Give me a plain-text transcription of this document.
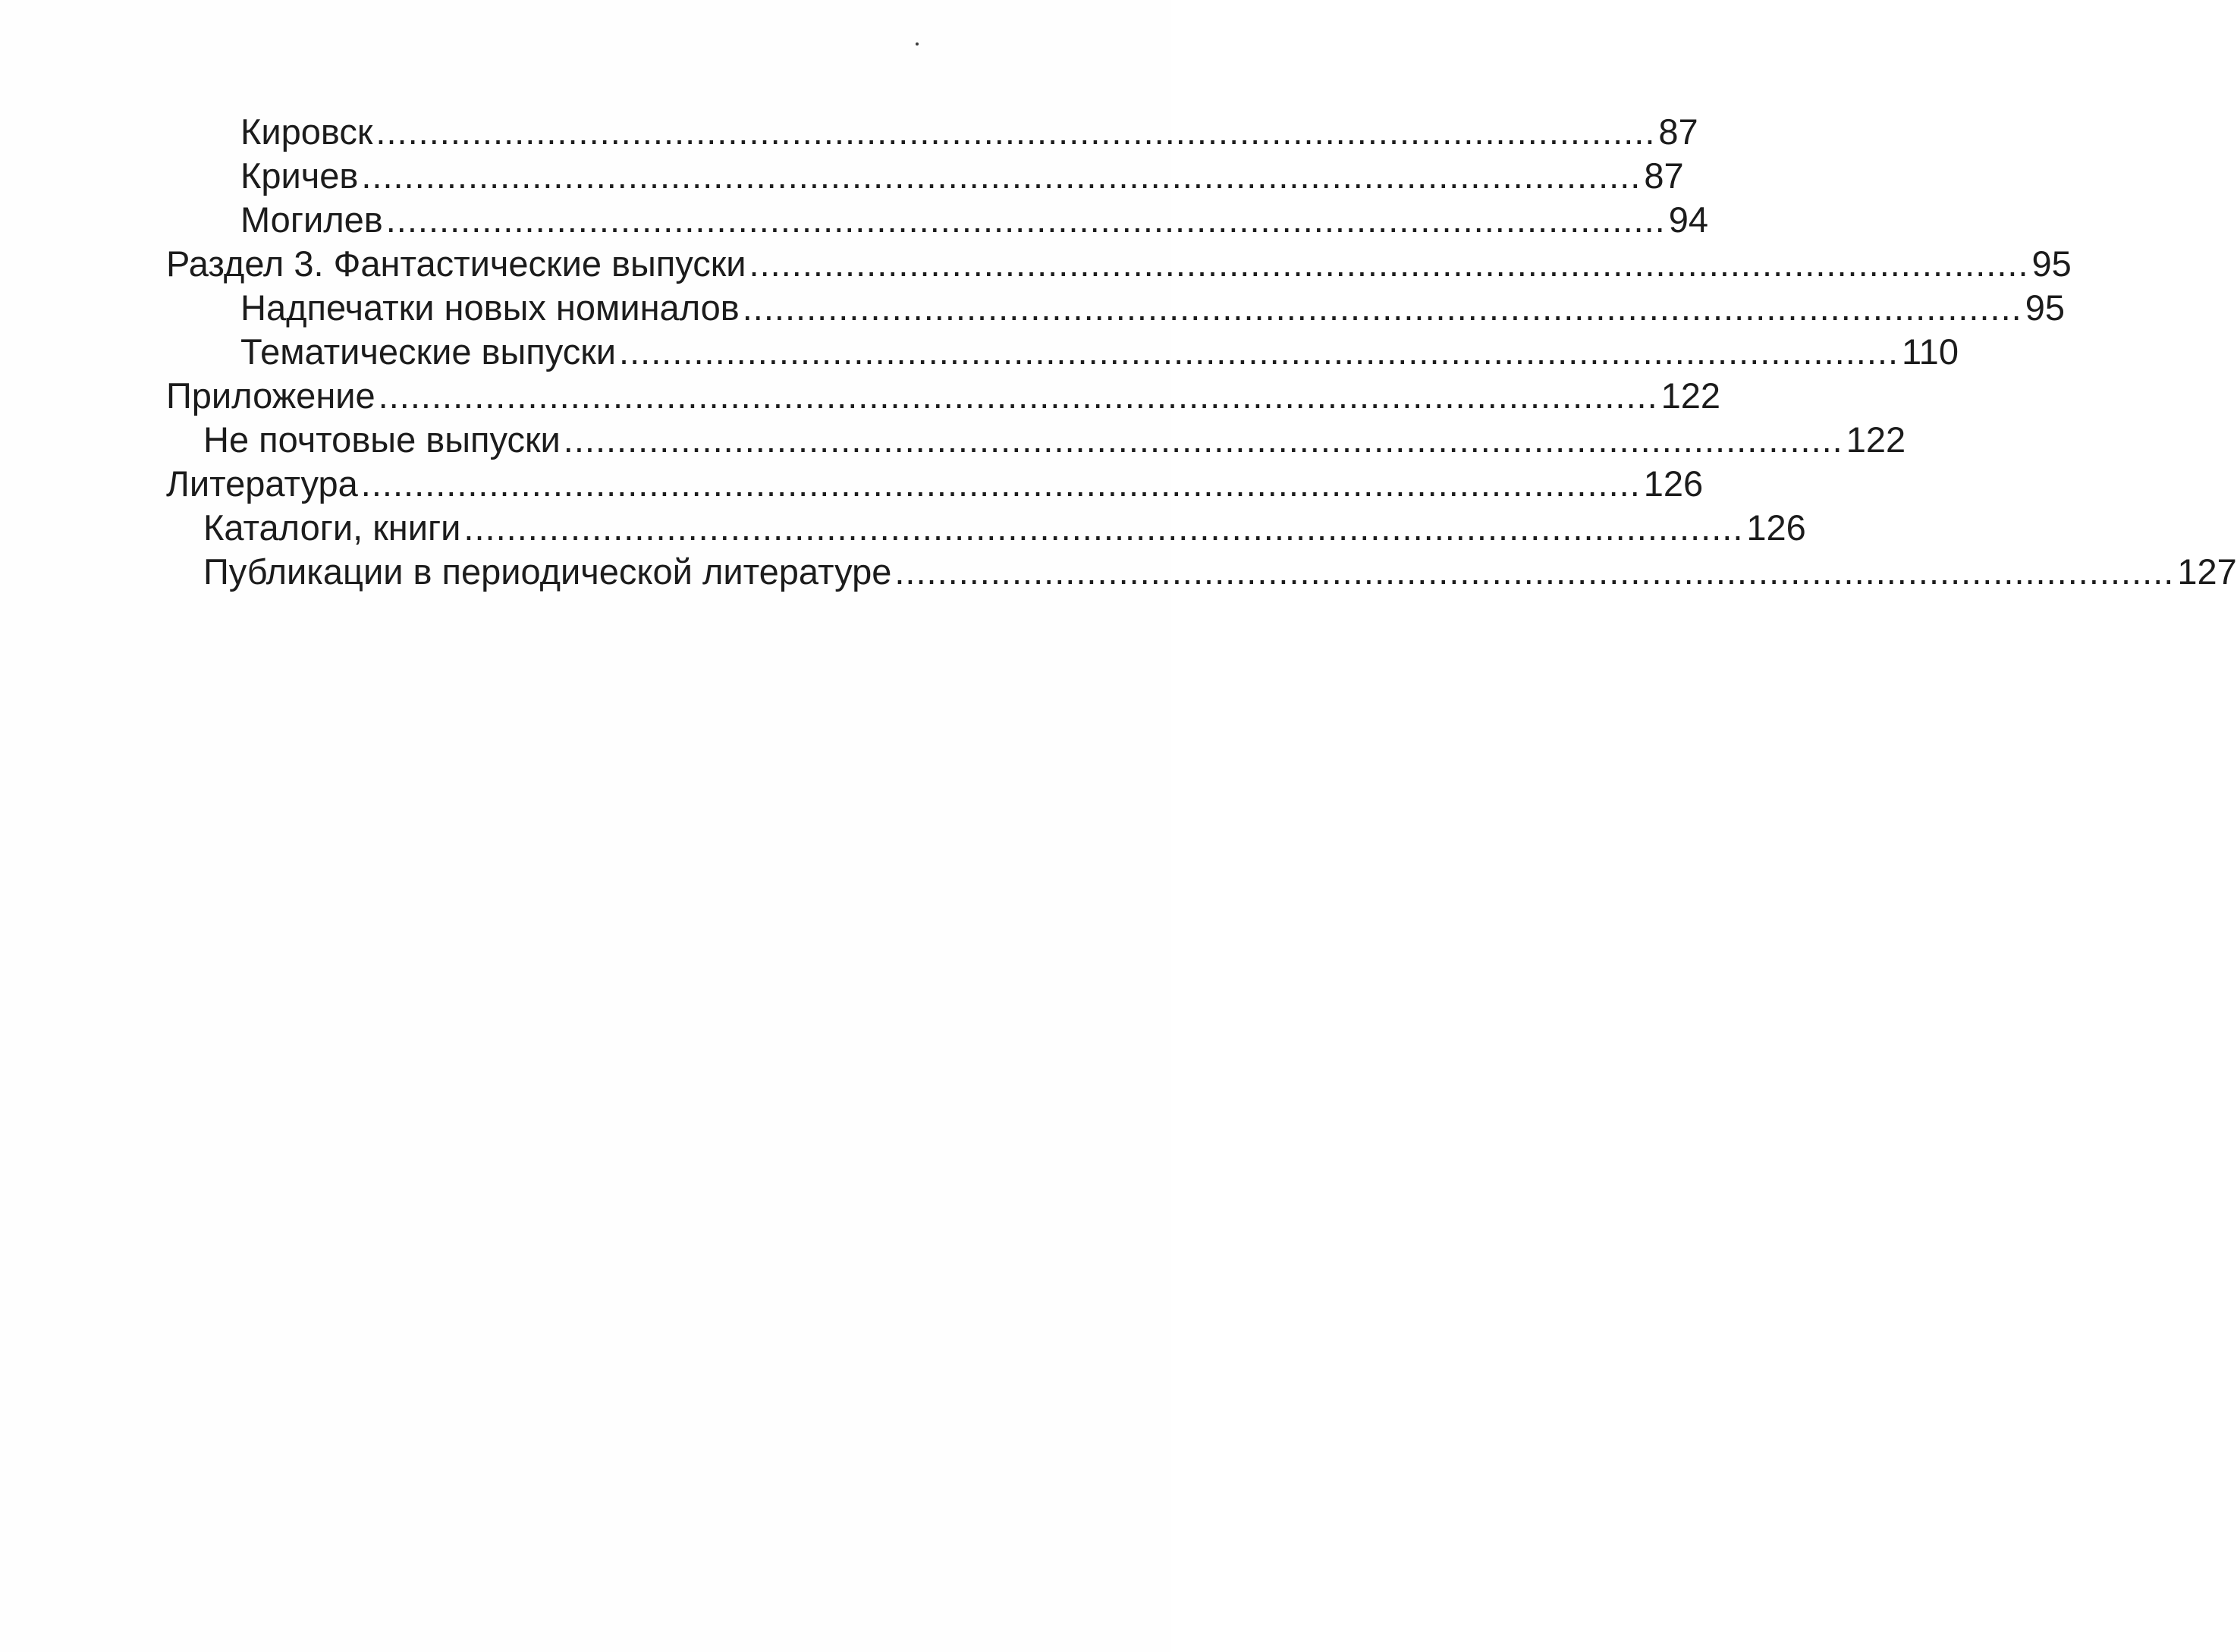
Кировск ........................................................................................................................ 87
Кричев ........................................................................................................................ 87
Могилев ........................................................................................................................ 94
Раздел 3. Фантастические выпуски ........................................................................................................................ 95
Надпечатки новых номиналов ........................................................................................................................ 95
Тематические выпуски ........................................................................................................................ 110
Приложение ........................................................................................................................ 122
Не почтовые выпуски ........................................................................................................................ 122
Литература ........................................................................................................................ 126
Каталоги, книги ........................................................................................................................ 126
Публикации в периодической литературе ........................................................................................................................ 127
